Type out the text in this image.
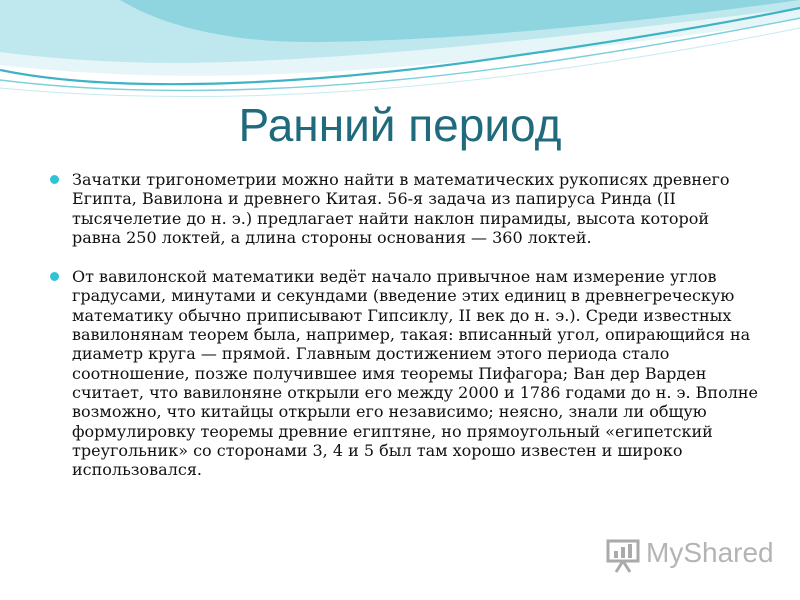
Ранний период
Зачатки тригонометрии можно найти в математических рукописях древнего Египта, Вавилона и древнего Китая. 56-я задача из папируса Ринда (II тысячелетие до н. э.) предлагает найти наклон пирамиды, высота которой равна 250 локтей, а длина стороны основания — 360 локтей.
От вавилонской математики ведёт начало привычное нам измерение углов градусами, минутами и секундами (введение этих единиц в древнегреческую математику обычно приписывают Гипсиклу, II век до н. э.). Среди известных вавилонянам теорем была, например, такая: вписанный угол, опирающийся на диаметр круга — прямой. Главным достижением этого периода стало соотношение, позже получившее имя теоремы Пифагора; Ван дер Варден считает, что вавилоняне открыли его между 2000 и 1786 годами до н. э. Вполне возможно, что китайцы открыли его независимо; неясно, знали ли общую формулировку теоремы древние египтяне, но прямоугольный «египетский треугольник» со сторонами 3, 4 и 5 был там хорошо известен и широко использовался.
MyShared
